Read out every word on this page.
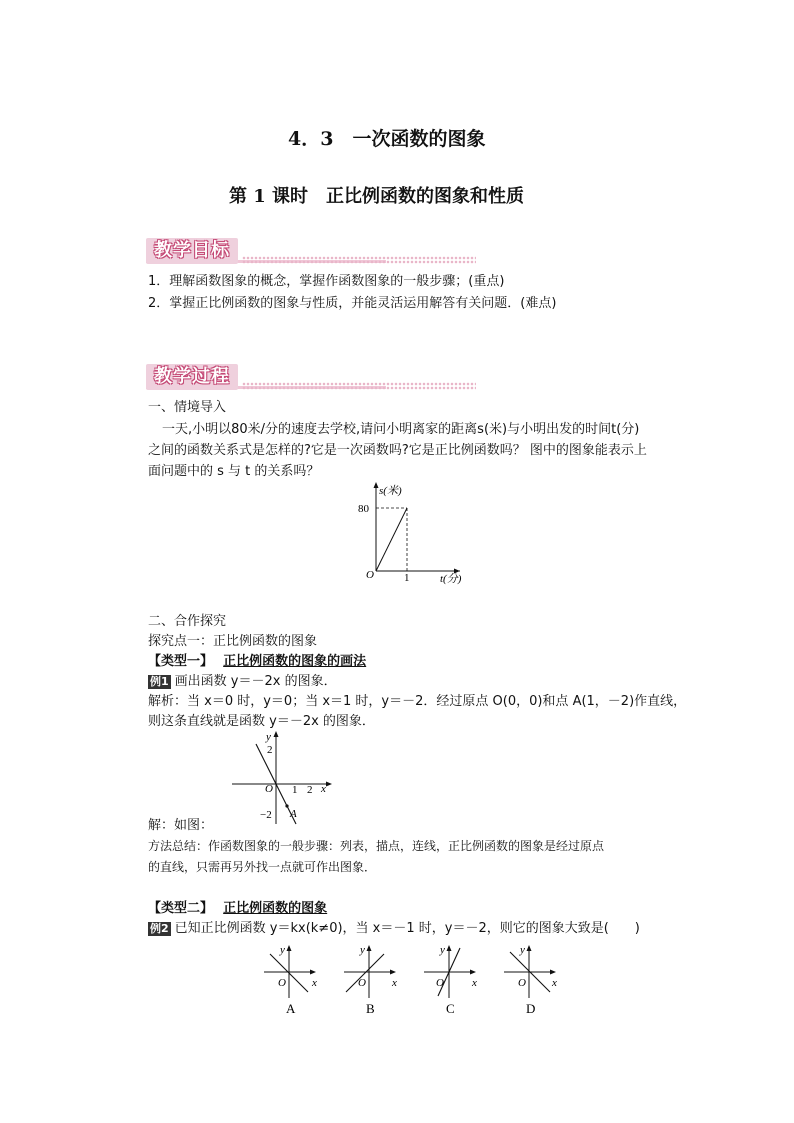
4．3　一次函数的图象
第 1 课时　正比例函数的图象和性质
教学目标
1．理解函数图象的概念，掌握作函数图象的一般步骤；(重点)
2．掌握正比例函数的图象与性质，并能灵活运用解答有关问题．(难点)
教学过程
一、情境导入
一天,小明以80米/分的速度去学校,请问小明离家的距离s(米)与小明出发的时间t(分)
之间的函数关系式是怎样的?它是一次函数吗?它是正比例函数吗？ 图中的图象能表示上
面问题中的 s 与 t 的关系吗？
s(米)
80
O	1	t(分)
二、合作探究
探究点一：正比例函数的图象
【类型一】 正比例函数的图象的画法
例1 画出函数 y＝－2x 的图象．
解析：当 x＝0 时，y＝0；当 x＝1 时，y＝－2．经过原点 O(0，0)和点 A(1，－2)作直线，
则这条直线就是函数 y＝－2x 的图象．
y
2
O 1 2 x
−2 A
解：如图：
方法总结：作函数图象的一般步骤：列表，描点，连线，正比例函数的图象是经过原点
的直线，只需再另外找一点就可作出图象．
【类型二】 正比例函数的图象
例2 已知正比例函数 y＝kx(k≠0)，当 x＝－1 时，y＝－2，则它的图象大致是(　　)
y
x
O
A
y
x
O
B
y
x
O
C
y
x
O
D
